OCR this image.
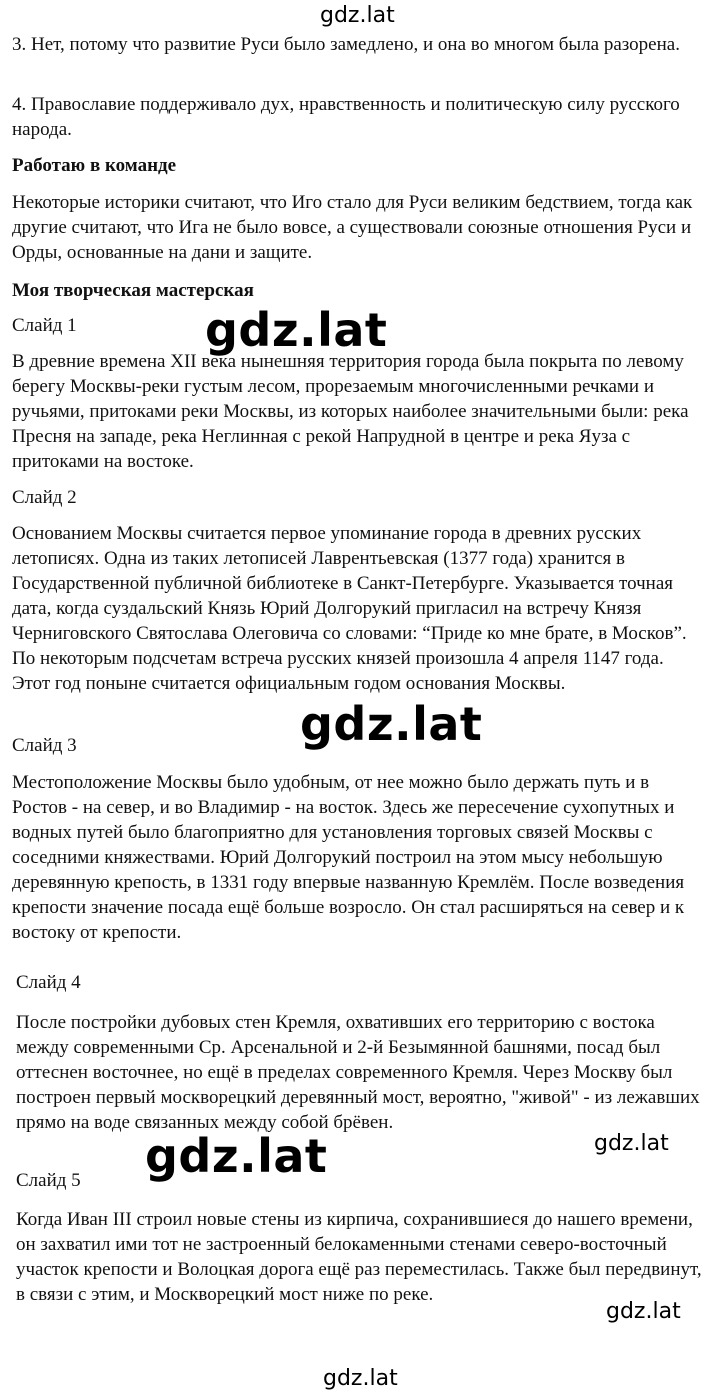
gdz.lat

3. Нет, потому что развитие Руси было замедлено, и она во многом была разорена.

4. Православие поддерживало дух, нравственность и политическую силу русского народа.

Работаю в команде

Некоторые историки считают, что Иго стало для Руси великим бедствием, тогда как другие считают, что Ига не было вовсе, а существовали союзные отношения Руси и Орды, основанные на дани и защите.

Моя творческая мастерская

Слайд 1	gdz.lat

В древние времена XII века нынешняя территория города была покрыта по левому берегу Москвы-реки густым лесом, прорезаемым многочисленными речками и ручьями, притоками реки Москвы, из которых наиболее значительными были: река Пресня на западе, река Неглинная с рекой Напрудной в центре и река Яуза с притоками на востоке.

Слайд 2

Основанием Москвы считается первое упоминание города в древних русских летописях. Одна из таких летописей Лаврентьевская (1377 года) хранится в Государственной публичной библиотеке в Санкт-Петербурге. Указывается точная дата, когда суздальский Князь Юрий Долгорукий пригласил на встречу Князя Черниговского Святослава Олеговича со словами: “Приде ко мне брате, в Москов”. По некоторым подсчетам встреча русских князей произошла 4 апреля 1147 года. Этот год поныне считается официальным годом основания Москвы.

gdz.lat

Слайд 3

Местоположение Москвы было удобным, от нее можно было держать путь и в Ростов - на север, и во Владимир - на восток. Здесь же пересечение сухопутных и водных путей было благоприятно для установления торговых связей Москвы с соседними княжествами. Юрий Долгорукий построил на этом мысу небольшую деревянную крепость, в 1331 году впервые названную Кремлём. После возведения крепости значение посада ещё больше возросло. Он стал расширяться на север и к востоку от крепости.

Слайд 4

После постройки дубовых стен Кремля, охвативших его территорию с востока между современными Ср. Арсенальной и 2-й Безымянной башнями, посад был оттеснен восточнее, но ещё в пределах современного Кремля. Через Москву был построен первый москворецкий деревянный мост, вероятно, "живой" - из лежавших прямо на воде связанных между собой брёвен.

gdz.lat
gdz.lat

Слайд 5

Когда Иван III строил новые стены из кирпича, сохранившиеся до нашего времени, он захватил ими тот не застроенный белокаменными стенами северо-восточный участок крепости и Волоцкая дорога ещё раз переместилась. Также был передвинут, в связи с этим, и Москворецкий мост ниже по реке.

gdz.lat
gdz.lat
